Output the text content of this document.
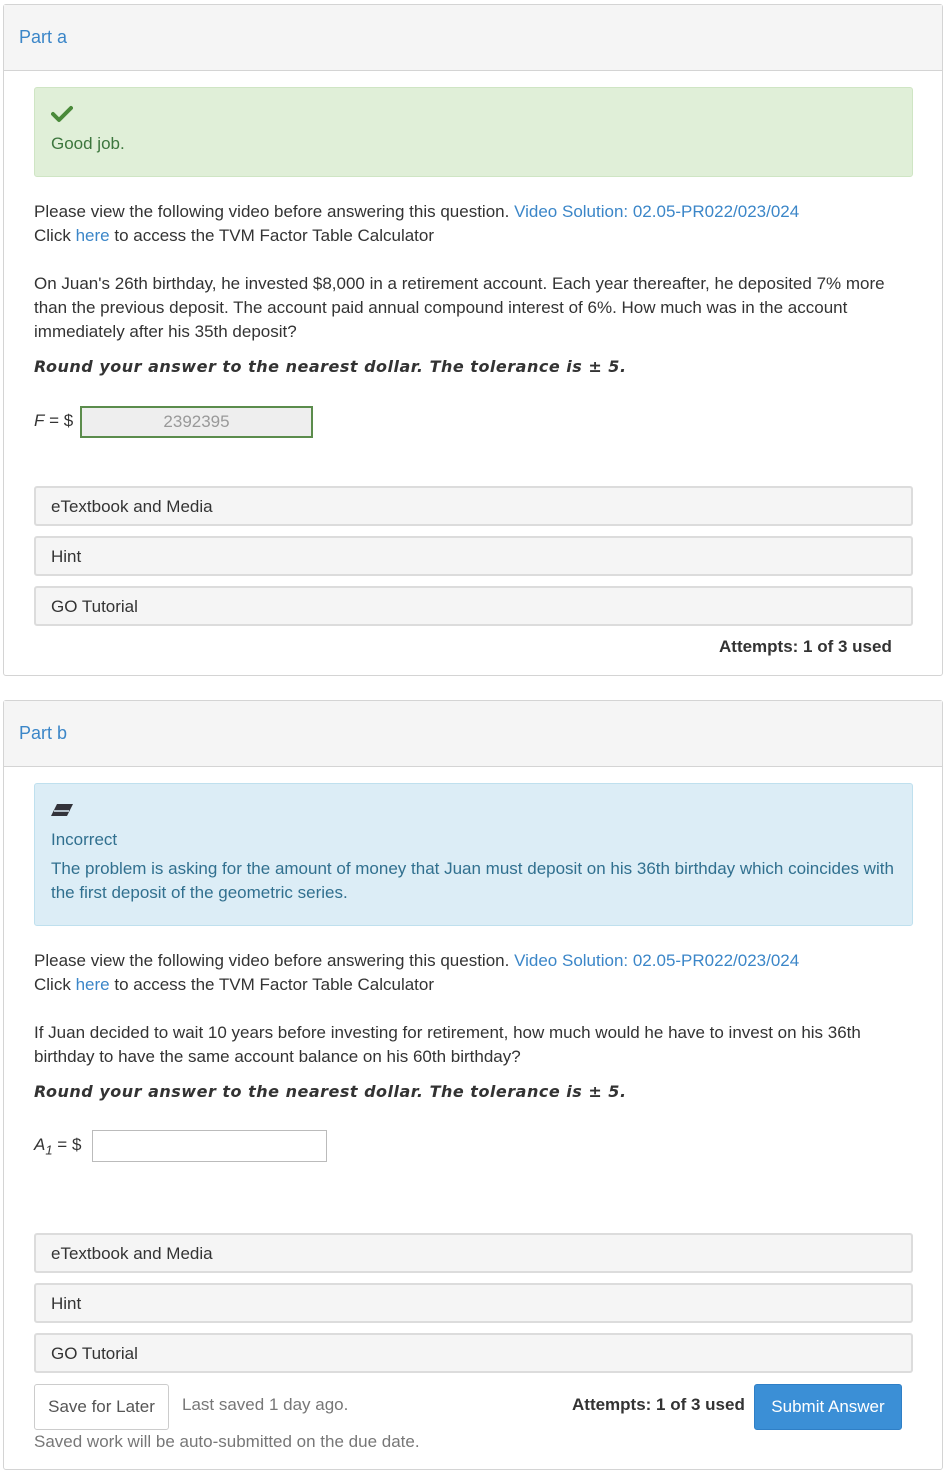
Part a
Good job.
Please view the following video before answering this question. Video Solution: 02.05-PR022/023/024
Click here to access the TVM Factor Table Calculator
On Juan's 26th birthday, he invested $8,000 in a retirement account. Each year thereafter, he deposited 7% more than the previous deposit. The account paid annual compound interest of 6%. How much was in the account immediately after his 35th deposit?
Round your answer to the nearest dollar. The tolerance is ± 5.
F = $	2392395
eTextbook and Media
Hint
GO Tutorial
Attempts: 1 of 3 used
Part b
Incorrect
The problem is asking for the amount of money that Juan must deposit on his 36th birthday which coincides with the first deposit of the geometric series.
Please view the following video before answering this question. Video Solution: 02.05-PR022/023/024
Click here to access the TVM Factor Table Calculator
If Juan decided to wait 10 years before investing for retirement, how much would he have to invest on his 36th birthday to have the same account balance on his 60th birthday?
Round your answer to the nearest dollar. The tolerance is ± 5.
$A_1$ = $
eTextbook and Media
Hint
GO Tutorial
Save for Later	Last saved 1 day ago.	Attempts: 1 of 3 used	Submit Answer
Saved work will be auto-submitted on the due date.
